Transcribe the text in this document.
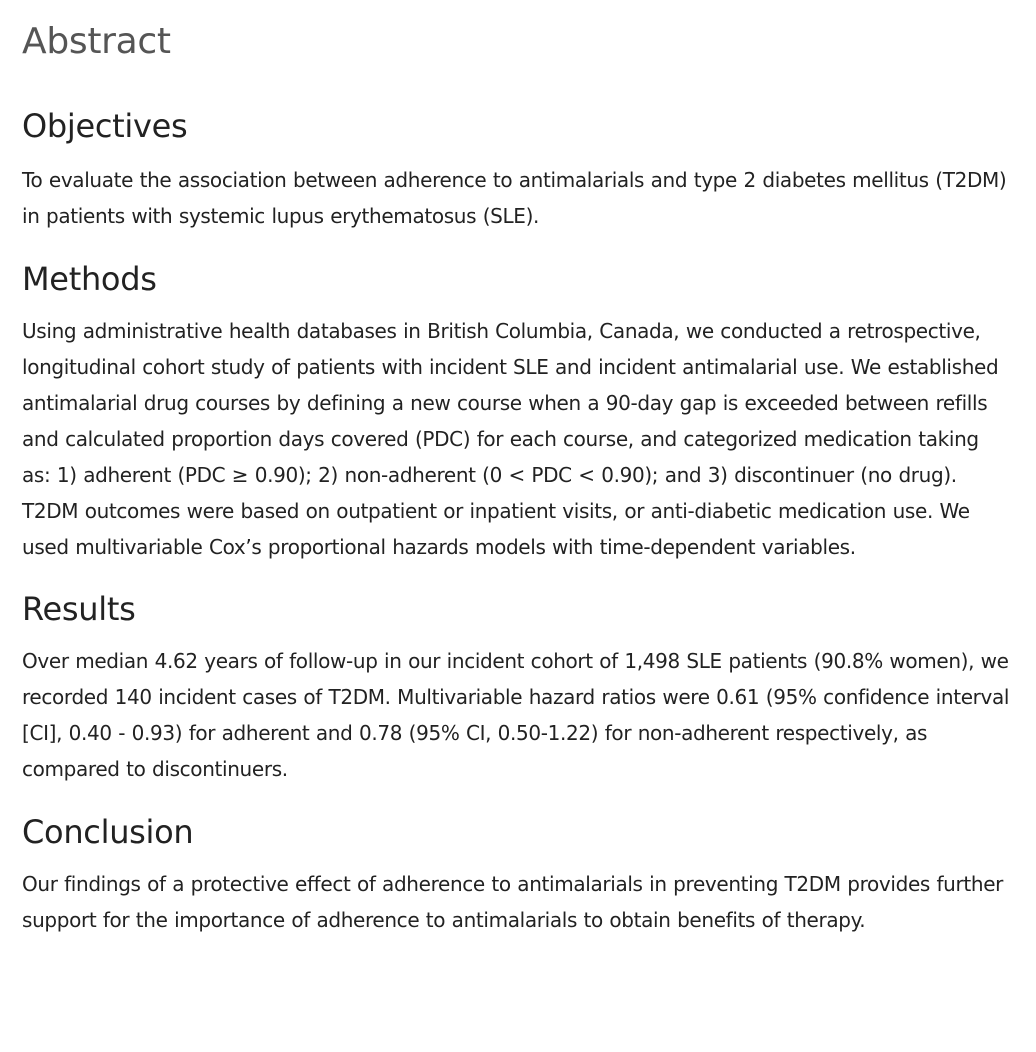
Abstract
Objectives

To evaluate the association between adherence to antimalarials and type 2 diabetes mellitus (T2DM) in patients with systemic lupus erythematosus (SLE).

Methods

Using administrative health databases in British Columbia, Canada, we conducted a retrospective, longitudinal cohort study of patients with incident SLE and incident antimalarial use. We established antimalarial drug courses by defining a new course when a 90-day gap is exceeded between refills and calculated proportion days covered (PDC) for each course, and categorized medication taking as: 1) adherent (PDC ≥ 0.90); 2) non-adherent (0 < PDC < 0.90); and 3) discontinuer (no drug). T2DM outcomes were based on outpatient or inpatient visits, or anti-diabetic medication use. We used multivariable Cox’s proportional hazards models with time-dependent variables.

Results

Over median 4.62 years of follow-up in our incident cohort of 1,498 SLE patients (90.8% women), we recorded 140 incident cases of T2DM. Multivariable hazard ratios were 0.61 (95% confidence interval [CI], 0.40 - 0.93) for adherent and 0.78 (95% CI, 0.50-1.22) for non-adherent respectively, as compared to discontinuers.

Conclusion

Our findings of a protective effect of adherence to antimalarials in preventing T2DM provides further support for the importance of adherence to antimalarials to obtain benefits of therapy.
